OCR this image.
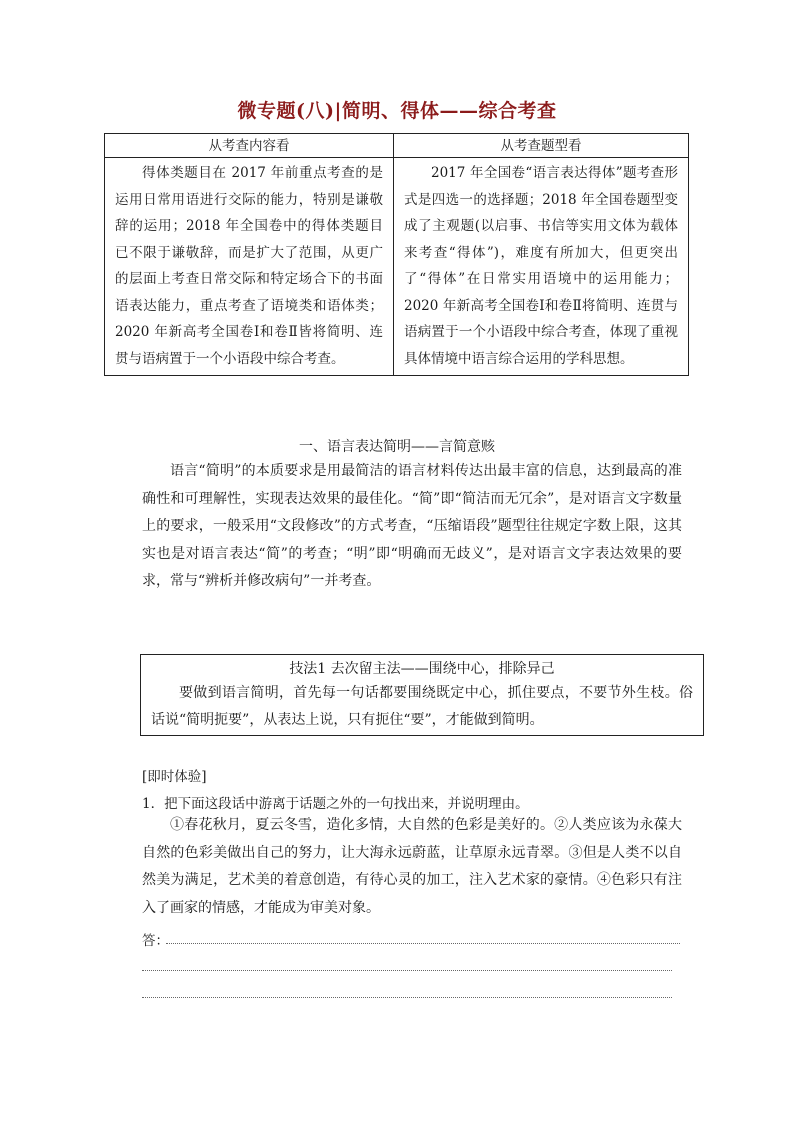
微专题(八)|简明、得体——综合考查
从考查内容看	从考查题型看
得体类题目在 2017 年前重点考查的是运用日常用语进行交际的能力，特别是谦敬辞的运用；2018 年全国卷中的得体类题目已不限于谦敬辞，而是扩大了范围，从更广的层面上考查日常交际和特定场合下的书面语表达能力，重点考查了语境类和语体类；2020 年新高考全国卷Ⅰ和卷Ⅱ皆将简明、连贯与语病置于一个小语段中综合考查。	2017 年全国卷“语言表达得体”题考查形式是四选一的选择题；2018 年全国卷题型变成了主观题(以启事、书信等实用文体为载体来考查“得体”)，难度有所加大，但更突出了“得体”在日常实用语境中的运用能力；2020 年新高考全国卷Ⅰ和卷Ⅱ将简明、连贯与语病置于一个小语段中综合考查，体现了重视具体情境中语言综合运用的学科思想。
一、语言表达简明——言简意赅

语言“简明”的本质要求是用最简洁的语言材料传达出最丰富的信息，达到最高的准确性和可理解性，实现表达效果的最佳化。“简”即“简洁而无冗余”，是对语言文字数量上的要求，一般采用“文段修改”的方式考查，“压缩语段”题型往往规定字数上限，这其实也是对语言表达“简”的考查；“明”即“明确而无歧义”，是对语言文字表达效果的要求，常与“辨析并修改病句”一并考查。

技法1 去次留主法——围绕中心，排除异己

要做到语言简明，首先每一句话都要围绕既定中心，抓住要点，不要节外生枝。俗话说“简明扼要”，从表达上说，只有扼住“要”，才能做到简明。

[即时体验]
1．把下面这段话中游离于话题之外的一句找出来，并说明理由。

①春花秋月，夏云冬雪，造化多情，大自然的色彩是美好的。②人类应该为永葆大自然的色彩美做出自己的努力，让大海永远蔚蓝，让草原永远青翠。③但是人类不以自然美为满足，艺术美的着意创造，有待心灵的加工，注入艺术家的豪情。④色彩只有注入了画家的情感，才能成为审美对象。

答：
